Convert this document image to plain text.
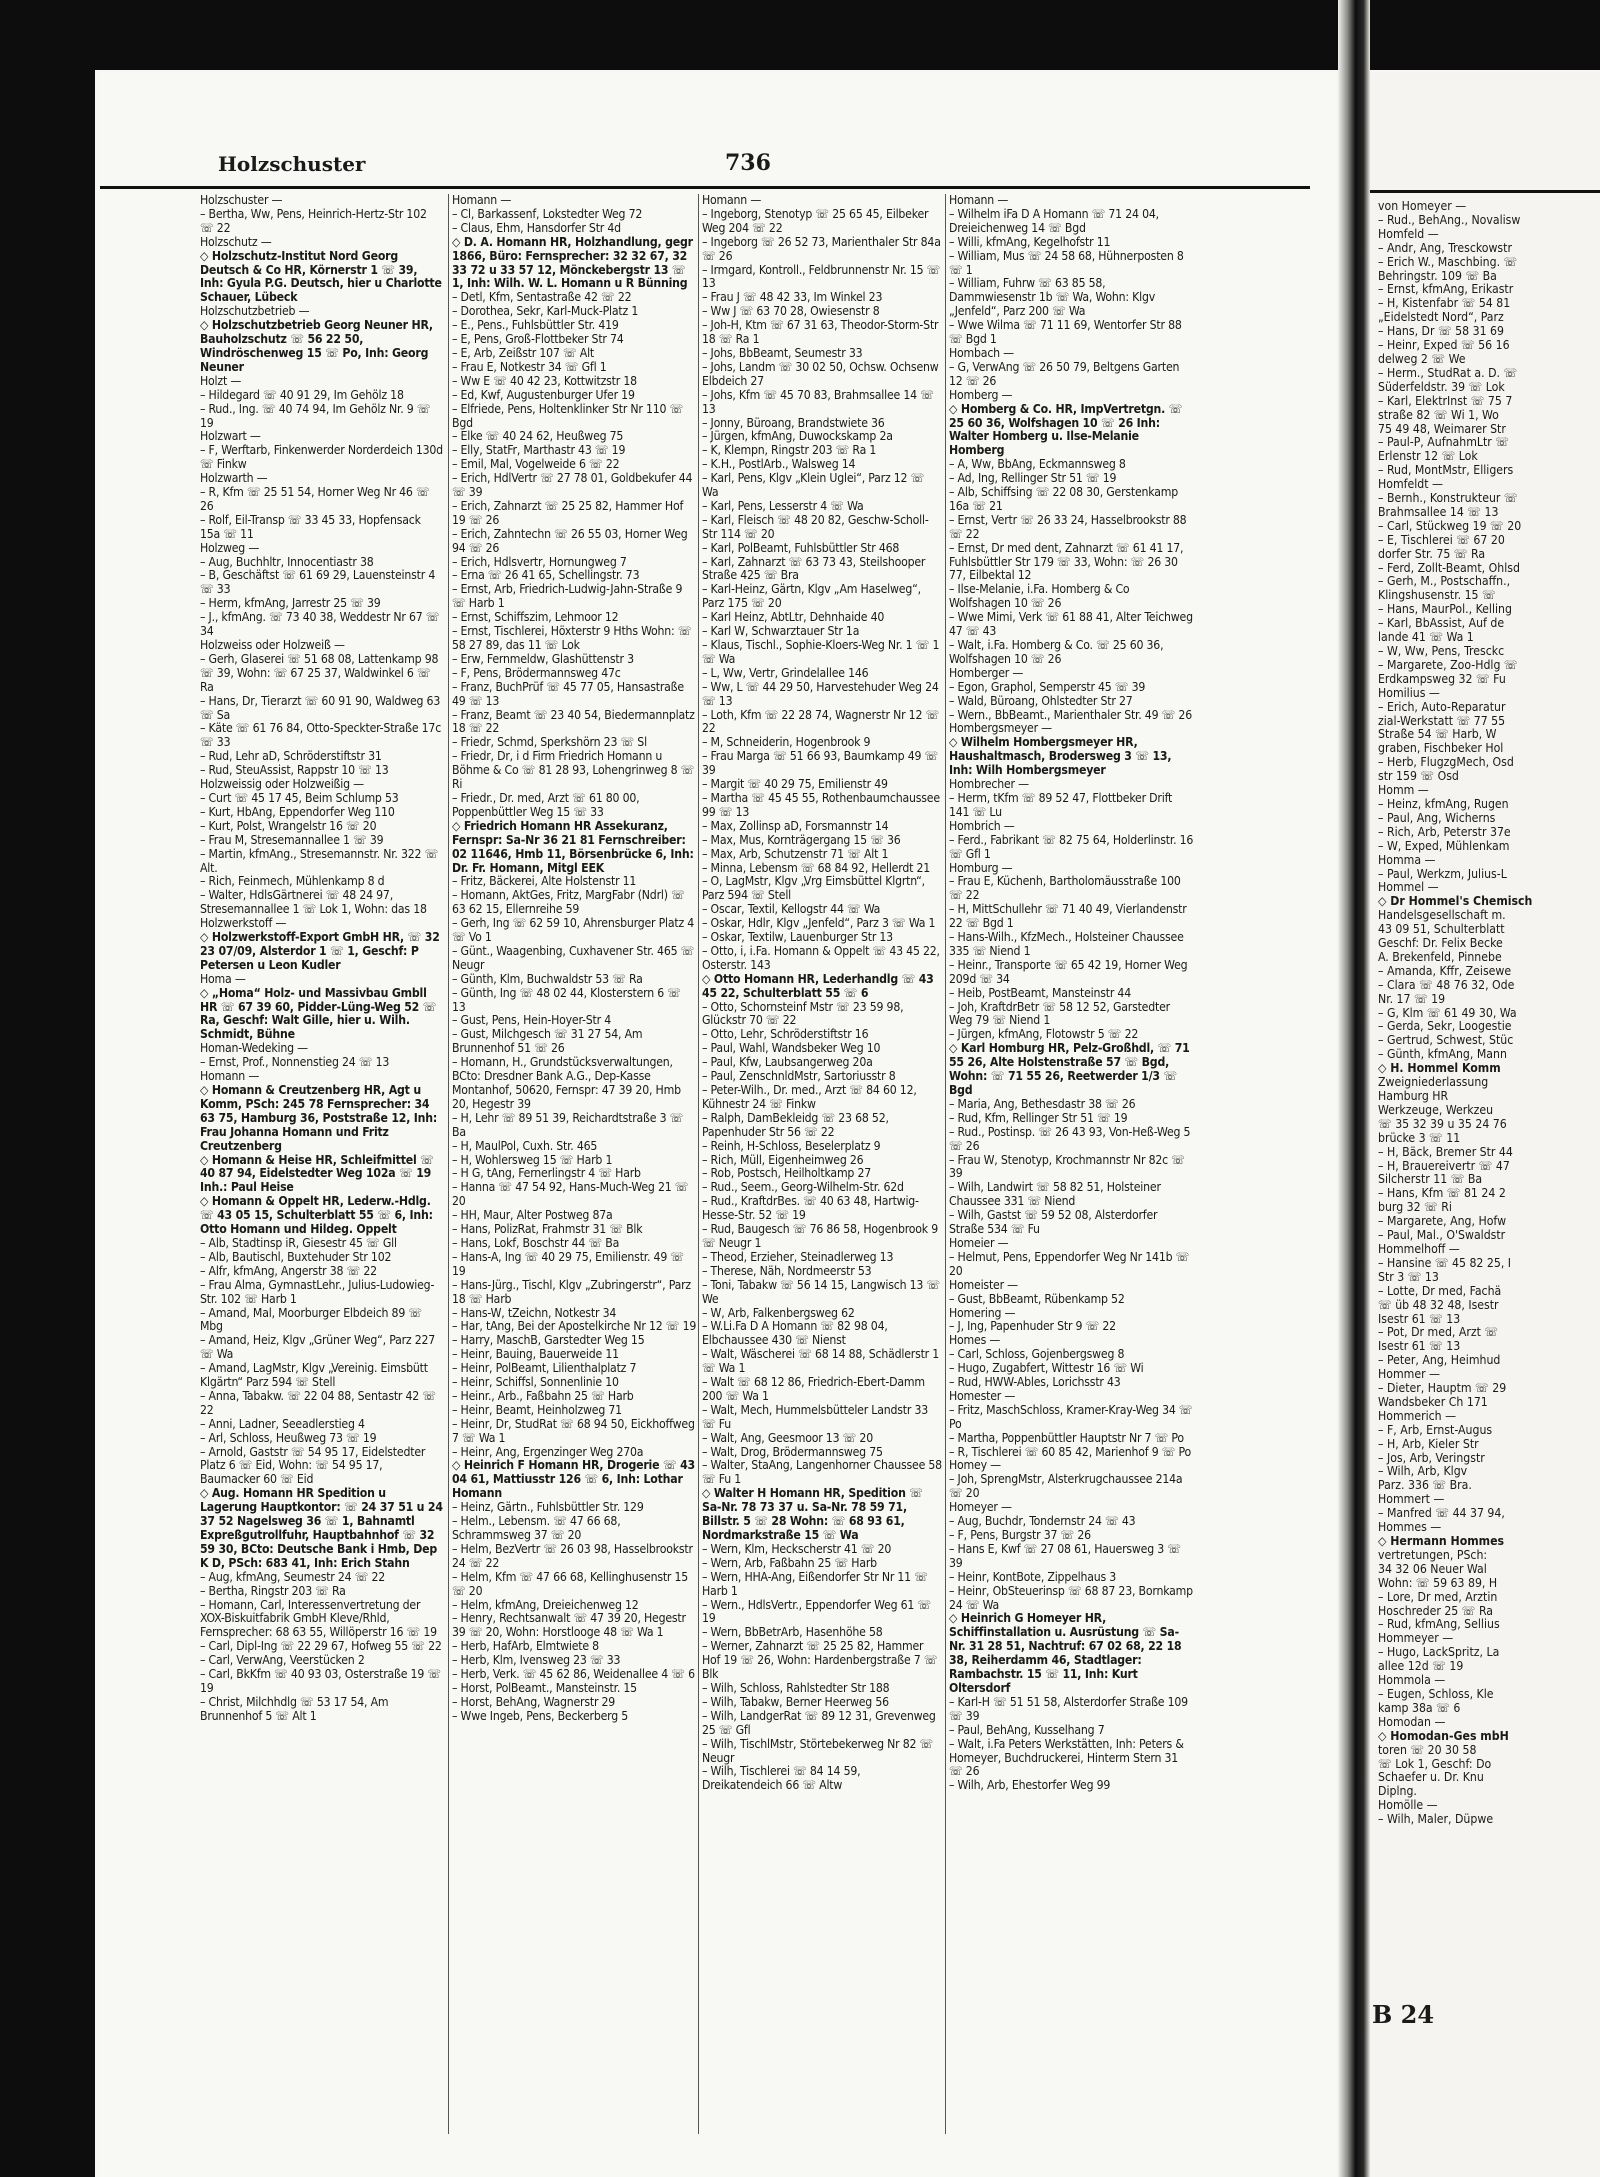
Holzschuster	736

Holzschuster —

– Bertha, Ww, Pens, Heinrich-Hertz-Str 102 ☏ 22

Holzschutz —

◇ Holzschutz-Institut Nord Georg Deutsch & Co HR, Körnerstr 1 ☏ 39, Inh: Gyula P.G. Deutsch, hier u Charlotte Schauer, Lübeck

Holzschutzbetrieb —

◇ Holzschutzbetrieb Georg Neuner HR, Bauholzschutz ☏ 56 22 50, Windröschenweg 15 ☏ Po, Inh: Georg Neuner

Holzt —

– Hildegard ☏ 40 91 29, Im Gehölz 18

– Rud., Ing. ☏ 40 74 94, Im Gehölz Nr. 9 ☏ 19

Holzwart —

– F, Werftarb, Finkenwerder Norderdeich 130d ☏ Finkw

Holzwarth —

– R, Kfm ☏ 25 51 54, Horner Weg Nr 46 ☏ 26

– Rolf, Eil-Transp ☏ 33 45 33, Hopfensack 15a ☏ 11

Holzweg —

– Aug, Buchhltr, Innocentiastr 38

– B, Geschäftst ☏ 61 69 29, Lauensteinstr 4 ☏ 33

– Herm, kfmAng, Jarrestr 25 ☏ 39

– J., kfmAng. ☏ 73 40 38, Weddestr Nr 67 ☏ 34

Holzweiss oder Holzweiß —

– Gerh, Glaserei ☏ 51 68 08, Lattenkamp 98 ☏ 39, Wohn: ☏ 67 25 37, Waldwinkel 6 ☏ Ra

– Hans, Dr, Tierarzt ☏ 60 91 90, Waldweg 63 ☏ Sa

– Käte ☏ 61 76 84, Otto-Speckter-Straße 17c ☏ 33

– Rud, Lehr aD, Schröderstiftstr 31

– Rud, SteuAssist, Rappstr 10 ☏ 13

Holzweissig oder Holzweißig —

– Curt ☏ 45 17 45, Beim Schlump 53

– Kurt, HbAng, Eppendorfer Weg 110

– Kurt, Polst, Wrangelstr 16 ☏ 20

– Frau M, Stresemannallee 1 ☏ 39

– Martin, kfmAng., Stresemannstr. Nr. 322 ☏ Alt.

– Rich, Feinmech, Mühlenkamp 8 d

– Walter, HdlsGärtnerei ☏ 48 24 97, Stresemannallee 1 ☏ Lok 1, Wohn: das 18

Holzwerkstoff —

◇ Holzwerkstoff-Export GmbH HR, ☏ 32 23 07/09, Alsterdor 1 ☏ 1, Geschf: P Petersen u Leon Kudler

Homa —

◇ „Homa“ Holz- und Massivbau Gmbll HR ☏ 67 39 60, Pidder-Lüng-Weg 52 ☏ Ra, Geschf: Walt Gille, hier u. Wilh. Schmidt, Bühne

Homan-Wedeking —

– Ernst, Prof., Nonnenstieg 24 ☏ 13

Homann —

◇ Homann & Creutzenberg HR, Agt u Komm, PSch: 245 78 Fernsprecher: 34 63 75, Hamburg 36, Poststraße 12, Inh: Frau Johanna Homann und Fritz Creutzenberg

◇ Homann & Heise HR, Schleifmittel ☏ 40 87 94, Eidelstedter Weg 102a ☏ 19 Inh.: Paul Heise

◇ Homann & Oppelt HR, Lederw.-Hdlg. ☏ 43 05 15, Schulterblatt 55 ☏ 6, Inh: Otto Homann und Hildeg. Oppelt

– Alb, Stadtinsp iR, Giesestr 45 ☏ Gll

– Alb, Bautischl, Buxtehuder Str 102

– Alfr, kfmAng, Angerstr 38 ☏ 22

– Frau Alma, GymnastLehr., Julius-Ludowieg-Str. 102 ☏ Harb 1

– Amand, Mal, Moorburger Elbdeich 89 ☏ Mbg

– Amand, Heiz, Klgv „Grüner Weg“, Parz 227 ☏ Wa

– Amand, LagMstr, Klgv „Vereinig. Eimsbütt Klgärtn“ Parz 594 ☏ Stell

– Anna, Tabakw. ☏ 22 04 88, Sentastr 42 ☏ 22

– Anni, Ladner, Seeadlerstieg 4

– Arl, Schloss, Heußweg 73 ☏ 19

– Arnold, Gaststr ☏ 54 95 17, Eidelstedter Platz 6 ☏ Eid, Wohn: ☏ 54 95 17, Baumacker 60 ☏ Eid

◇ Aug. Homann HR Spedition u Lagerung Hauptkontor: ☏ 24 37 51 u 24 37 52 Nagelsweg 36 ☏ 1, Bahnamtl Expreßgutrollfuhr, Hauptbahnhof ☏ 32 59 30, BCto: Deutsche Bank i Hmb, Dep K D, PSch: 683 41, Inh: Erich Stahn

– Aug, kfmAng, Seumestr 24 ☏ 22

– Bertha, Ringstr 203 ☏ Ra

– Homann, Carl, Interessenvertretung der XOX-Biskuitfabrik GmbH Kleve/Rhld, Fernsprecher: 68 63 55, Willöperstr 16 ☏ 19

– Carl, Dipl-Ing ☏ 22 29 67, Hofweg 55 ☏ 22

– Carl, VerwAng, Veerstücken 2

– Carl, BkKfm ☏ 40 93 03, Osterstraße 19 ☏ 19

– Christ, Milchhdlg ☏ 53 17 54, Am Brunnenhof 5 ☏ Alt 1

Homann —

– Cl, Barkassenf, Lokstedter Weg 72

– Claus, Ehm, Hansdorfer Str 4d

◇ D. A. Homann HR, Holzhandlung, gegr 1866, Büro: Fernsprecher: 32 32 67, 32 33 72 u 33 57 12, Mönckebergstr 13 ☏ 1, Inh: Wilh. W. L. Homann u R Bünning

– Detl, Kfm, Sentastraße 42 ☏ 22

– Dorothea, Sekr, Karl-Muck-Platz 1

– E., Pens., Fuhlsbüttler Str. 419

– E, Pens, Groß-Flottbeker Str 74

– E, Arb, Zeißstr 107 ☏ Alt

– Frau E, Notkestr 34 ☏ Gfl 1

– Ww E ☏ 40 42 23, Kottwitzstr 18

– Ed, Kwf, Augustenburger Ufer 19

– Elfriede, Pens, Holtenklinker Str Nr 110 ☏ Bgd

– Elke ☏ 40 24 62, Heußweg 75

– Elly, StatFr, Marthastr 43 ☏ 19

– Emil, Mal, Vogelweide 6 ☏ 22

– Erich, HdlVertr ☏ 27 78 01, Goldbekufer 44 ☏ 39

– Erich, Zahnarzt ☏ 25 25 82, Hammer Hof 19 ☏ 26

– Erich, Zahntechn ☏ 26 55 03, Horner Weg 94 ☏ 26

– Erich, Hdlsvertr, Hornungweg 7

– Erna ☏ 26 41 65, Schellingstr. 73

– Ernst, Arb, Friedrich-Ludwig-Jahn-Straße 9 ☏ Harb 1

– Ernst, Schiffszim, Lehmoor 12

– Ernst, Tischlerei, Höxterstr 9 Hths Wohn: ☏ 58 27 89, das 11 ☏ Lok

– Erw, Fernmeldw, Glashüttenstr 3

– F, Pens, Brödermannsweg 47c

– Franz, BuchPrüf ☏ 45 77 05, Hansastraße 49 ☏ 13

– Franz, Beamt ☏ 23 40 54, Biedermannplatz 18 ☏ 22

– Friedr, Schmd, Sperkshörn 23 ☏ Sl

– Friedr, Dr, i d Firm Friedrich Homann u Böhme & Co ☏ 81 28 93, Lohengrinweg 8 ☏ Ri

– Friedr., Dr. med, Arzt ☏ 61 80 00, Poppenbüttler Weg 15 ☏ 33

◇ Friedrich Homann HR Assekuranz, Fernspr: Sa-Nr 36 21 81 Fernschreiber: 02 11646, Hmb 11, Börsenbrücke 6, Inh: Dr. Fr. Homann, Mitgl EEK

– Fritz, Bäckerei, Alte Holstenstr 11

– Homann, AktGes, Fritz, MargFabr (Ndrl) ☏ 63 62 15, Ellernreihe 59

– Gerh, Ing ☏ 62 59 10, Ahrensburger Platz 4 ☏ Vo 1

– Günt., Waagenbing, Cuxhavener Str. 465 ☏ Neugr

– Günth, Klm, Buchwaldstr 53 ☏ Ra

– Günth, Ing ☏ 48 02 44, Klosterstern 6 ☏ 13

– Gust, Pens, Hein-Hoyer-Str 4

– Gust, Milchgesch ☏ 31 27 54, Am Brunnenhof 51 ☏ 26

– Homann, H., Grundstücksverwaltungen, BCto: Dresdner Bank A.G., Dep-Kasse Montanhof, 50620, Fernspr: 47 39 20, Hmb 20, Hegestr 39

– H, Lehr ☏ 89 51 39, Reichardtstraße 3 ☏ Ba

– H, MaulPol, Cuxh. Str. 465

– H, Wohlersweg 15 ☏ Harb 1

– H G, tAng, Fernerlingstr 4 ☏ Harb

– Hanna ☏ 47 54 92, Hans-Much-Weg 21 ☏ 20

– HH, Maur, Alter Postweg 87a

– Hans, PolizRat, Frahmstr 31 ☏ Blk

– Hans, Lokf, Boschstr 44 ☏ Ba

– Hans-A, Ing ☏ 40 29 75, Emilienstr. 49 ☏ 19

– Hans-Jürg., Tischl, Klgv „Zubringerstr“, Parz 18 ☏ Harb

– Hans-W, tZeichn, Notkestr 34

– Har, tAng, Bei der Apostelkirche Nr 12 ☏ 19

– Harry, MaschB, Garstedter Weg 15

– Heinr, Bauing, Bauerweide 11

– Heinr, PolBeamt, Lilienthalplatz 7

– Heinr, Schiffsl, Sonnenlinie 10

– Heinr., Arb., Faßbahn 25 ☏ Harb

– Heinr, Beamt, Heinholzweg 71

– Heinr, Dr, StudRat ☏ 68 94 50, Eickhoffweg 7 ☏ Wa 1

– Heinr, Ang, Ergenzinger Weg 270a

◇ Heinrich F Homann HR, Drogerie ☏ 43 04 61, Mattiusstr 126 ☏ 6, Inh: Lothar Homann

– Heinz, Gärtn., Fuhlsbüttler Str. 129

– Helm., Lebensm. ☏ 47 66 68, Schrammsweg 37 ☏ 20

– Helm, BezVertr ☏ 26 03 98, Hasselbrookstr 24 ☏ 22

– Helm, Kfm ☏ 47 66 68, Kellinghusenstr 15 ☏ 20

– Helm, kfmAng, Dreieichenweg 12

– Henry, Rechtsanwalt ☏ 47 39 20, Hegestr 39 ☏ 20, Wohn: Horstlooge 48 ☏ Wa 1

– Herb, HafArb, Elmtwiete 8

– Herb, Klm, Ivensweg 23 ☏ 33

– Herb, Verk. ☏ 45 62 86, Weidenallee 4 ☏ 6

– Horst, PolBeamt., Mansteinstr. 15

– Horst, BehAng, Wagnerstr 29

– Wwe Ingeb, Pens, Beckerberg 5

Homann —

– Ingeborg, Stenotyp ☏ 25 65 45, Eilbeker Weg 204 ☏ 22

– Ingeborg ☏ 26 52 73, Marienthaler Str 84a ☏ 26

– Irmgard, Kontroll., Feldbrunnenstr Nr. 15 ☏ 13

– Frau J ☏ 48 42 33, Im Winkel 23

– Ww J ☏ 63 70 28, Owiesenstr 8

– Joh-H, Ktm ☏ 67 31 63, Theodor-Storm-Str 18 ☏ Ra 1

– Johs, BbBeamt, Seumestr 33

– Johs, Landm ☏ 30 02 50, Ochsw. Ochsenw Elbdeich 27

– Johs, Kfm ☏ 45 70 83, Brahmsallee 14 ☏ 13

– Jonny, Büroang, Brandstwiete 36

– Jürgen, kfmAng, Duwockskamp 2a

– K, Klempn, Ringstr 203 ☏ Ra 1

– K.H., PostlArb., Walsweg 14

– Karl, Pens, Klgv „Klein Uglei“, Parz 12 ☏ Wa

– Karl, Pens, Lesserstr 4 ☏ Wa

– Karl, Fleisch ☏ 48 20 82, Geschw-Scholl-Str 114 ☏ 20

– Karl, PolBeamt, Fuhlsbüttler Str 468

– Karl, Zahnarzt ☏ 63 73 43, Steilshooper Straße 425 ☏ Bra

– Karl-Heinz, Gärtn, Klgv „Am Haselweg“, Parz 175 ☏ 20

– Karl Heinz, AbtLtr, Dehnhaide 40

– Karl W, Schwarztauer Str 1a

– Klaus, Tischl., Sophie-Kloers-Weg Nr. 1 ☏ 1 ☏ Wa

– L, Ww, Vertr, Grindelallee 146

– Ww, L ☏ 44 29 50, Harvestehuder Weg 24 ☏ 13

– Loth, Kfm ☏ 22 28 74, Wagnerstr Nr 12 ☏ 22

– M, Schneiderin, Hogenbrook 9

– Frau Marga ☏ 51 66 93, Baumkamp 49 ☏ 39

– Margit ☏ 40 29 75, Emilienstr 49

– Martha ☏ 45 45 55, Rothenbaumchaussee 99 ☏ 13

– Max, Zollinsp aD, Forsmannstr 14

– Max, Mus, Kornträgergang 15 ☏ 36

– Max, Arb, Schutzenstr 71 ☏ Alt 1

– Minna, Lebensm ☏ 68 84 92, Hellerdt 21

– O, LagMstr, Klgv „Vrg Eimsbüttel Klgrtn“, Parz 594 ☏ Stell

– Oscar, Textil, Kellogstr 44 ☏ Wa

– Oskar, Hdlr, Klgv „Jenfeld“, Parz 3 ☏ Wa 1

– Oskar, Textilw, Lauenburger Str 13

– Otto, i, i.Fa. Homann & Oppelt ☏ 43 45 22, Osterstr. 143

◇ Otto Homann HR, Lederhandlg ☏ 43 45 22, Schulterblatt 55 ☏ 6

– Otto, Schornsteinf Mstr ☏ 23 59 98, Glückstr 70 ☏ 22

– Otto, Lehr, Schröderstiftstr 16

– Paul, Wahl, Wandsbeker Weg 10

– Paul, Kfw, Laubsangerweg 20a

– Paul, ZenschnldMstr, Sartoriusstr 8

– Peter-Wilh., Dr. med., Arzt ☏ 84 60 12, Kühnestr 24 ☏ Finkw

– Ralph, DamBekleidg ☏ 23 68 52, Papenhuder Str 56 ☏ 22

– Reinh, H-Schloss, Beselerplatz 9

– Rich, Müll, Eigenheimweg 26

– Rob, Postsch, Heilholtkamp 27

– Rud., Seem., Georg-Wilhelm-Str. 62d

– Rud., KraftdrBes. ☏ 40 63 48, Hartwig-Hesse-Str. 52 ☏ 19

– Rud, Baugesch ☏ 76 86 58, Hogenbrook 9 ☏ Neugr 1

– Theod, Erzieher, Steinadlerweg 13

– Therese, Näh, Nordmeerstr 53

– Toni, Tabakw ☏ 56 14 15, Langwisch 13 ☏ We

– W, Arb, Falkenbergsweg 62

– W.Li.Fa D A Homann ☏ 82 98 04, Elbchaussee 430 ☏ Nienst

– Walt, Wäscherei ☏ 68 14 88, Schädlerstr 1 ☏ Wa 1

– Walt ☏ 68 12 86, Friedrich-Ebert-Damm 200 ☏ Wa 1

– Walt, Mech, Hummelsbütteler Landstr 33 ☏ Fu

– Walt, Ang, Geesmoor 13 ☏ 20

– Walt, Drog, Brödermannsweg 75

– Walter, StaAng, Langenhorner Chaussee 58 ☏ Fu 1

◇ Walter H Homann HR, Spedition ☏ Sa-Nr. 78 73 37 u. Sa-Nr. 78 59 71, Billstr. 5 ☏ 28 Wohn: ☏ 68 93 61, Nordmarkstraße 15 ☏ Wa

– Wern, Klm, Heckscherstr 41 ☏ 20

– Wern, Arb, Faßbahn 25 ☏ Harb

– Wern, HHA-Ang, Eißendorfer Str Nr 11 ☏ Harb 1

– Wern., HdlsVertr., Eppendorfer Weg 61 ☏ 19

– Wern, BbBetrArb, Hasenhöhe 58

– Werner, Zahnarzt ☏ 25 25 82, Hammer Hof 19 ☏ 26, Wohn: Hardenbergstraße 7 ☏ Blk

– Wilh, Schloss, Rahlstedter Str 188

– Wilh, Tabakw, Berner Heerweg 56

– Wilh, LandgerRat ☏ 89 12 31, Grevenweg 25 ☏ Gfl

– Wilh, TischlMstr, Störtebekerweg Nr 82 ☏ Neugr

– Wilh, Tischlerei ☏ 84 14 59, Dreikatendeich 66 ☏ Altw

Homann —

– Wilhelm iFa D A Homann ☏ 71 24 04, Dreieichenweg 14 ☏ Bgd

– Willi, kfmAng, Kegelhofstr 11

– William, Mus ☏ 24 58 68, Hühnerposten 8 ☏ 1

– William, Fuhrw ☏ 63 85 58, Dammwiesenstr 1b ☏ Wa, Wohn: Klgv „Jenfeld“, Parz 200 ☏ Wa

– Wwe Wilma ☏ 71 11 69, Wentorfer Str 88 ☏ Bgd 1

Hombach —

– G, VerwAng ☏ 26 50 79, Beltgens Garten 12 ☏ 26

Homberg —

◇ Homberg & Co. HR, ImpVertretgn. ☏ 25 60 36, Wolfshagen 10 ☏ 26 Inh: Walter Homberg u. Ilse-Melanie Homberg

– A, Ww, BbAng, Eckmannsweg 8

– Ad, Ing, Rellinger Str 51 ☏ 19

– Alb, Schiffsing ☏ 22 08 30, Gerstenkamp 16a ☏ 21

– Ernst, Vertr ☏ 26 33 24, Hasselbrookstr 88 ☏ 22

– Ernst, Dr med dent, Zahnarzt ☏ 61 41 17, Fuhlsbüttler Str 179 ☏ 33, Wohn: ☏ 26 30 77, Eilbektal 12

– Ilse-Melanie, i.Fa. Homberg & Co Wolfshagen 10 ☏ 26

– Wwe Mimi, Verk ☏ 61 88 41, Alter Teichweg 47 ☏ 43

– Walt, i.Fa. Homberg & Co. ☏ 25 60 36, Wolfshagen 10 ☏ 26

Homberger —

– Egon, Graphol, Semperstr 45 ☏ 39

– Wald, Büroang, Ohlstedter Str 27

– Wern., BbBeamt., Marienthaler Str. 49 ☏ 26

Hombergsmeyer —

◇ Wilhelm Hombergsmeyer HR, Haushaltmasch, Brodersweg 3 ☏ 13, Inh: Wilh Hombergsmeyer

Hombrecher —

– Herm, tKfm ☏ 89 52 47, Flottbeker Drift 141 ☏ Lu

Hombrich —

– Ferd., Fabrikant ☏ 82 75 64, Holderlinstr. 16 ☏ Gfl 1

Homburg —

– Frau E, Küchenh, Bartholomäusstraße 100 ☏ 22

– H, MittSchullehr ☏ 71 40 49, Vierlandenstr 22 ☏ Bgd 1

– Hans-Wilh., KfzMech., Holsteiner Chaussee 335 ☏ Niend 1

– Heinr., Transporte ☏ 65 42 19, Horner Weg 209d ☏ 34

– Heib, PostBeamt, Mansteinstr 44

– Joh, KraftdrBetr ☏ 58 12 52, Garstedter Weg 79 ☏ Niend 1

– Jürgen, kfmAng, Flotowstr 5 ☏ 22

◇ Karl Homburg HR, Pelz-Großhdl, ☏ 71 55 26, Alte Holstenstraße 57 ☏ Bgd, Wohn: ☏ 71 55 26, Reetwerder 1/3 ☏ Bgd

– Maria, Ang, Bethesdastr 38 ☏ 26

– Rud, Kfm, Rellinger Str 51 ☏ 19

– Rud., Postinsp. ☏ 26 43 93, Von-Heß-Weg 5 ☏ 26

– Frau W, Stenotyp, Krochmannstr Nr 82c ☏ 39

– Wilh, Landwirt ☏ 58 82 51, Holsteiner Chaussee 331 ☏ Niend

– Wilh, Gastst ☏ 59 52 08, Alsterdorfer Straße 534 ☏ Fu

Homeier —

– Helmut, Pens, Eppendorfer Weg Nr 141b ☏ 20

Homeister —

– Gust, BbBeamt, Rübenkamp 52

Homering —

– J, Ing, Papenhuder Str 9 ☏ 22

Homes —

– Carl, Schloss, Gojenbergsweg 8

– Hugo, Zugabfert, Wittestr 16 ☏ Wi

– Rud, HWW-Ables, Lorichsstr 43

Homester —

– Fritz, MaschSchloss, Kramer-Kray-Weg 34 ☏ Po

– Martha, Poppenbüttler Hauptstr Nr 7 ☏ Po

– R, Tischlerei ☏ 60 85 42, Marienhof 9 ☏ Po

Homey —

– Joh, SprengMstr, Alsterkrugchaussee 214a ☏ 20

Homeyer —

– Aug, Buchdr, Tondernstr 24 ☏ 43

– F, Pens, Burgstr 37 ☏ 26

– Hans E, Kwf ☏ 27 08 61, Hauersweg 3 ☏ 39

– Heinr, KontBote, Zippelhaus 3

– Heinr, ObSteuerinsp ☏ 68 87 23, Bornkamp 24 ☏ Wa

◇ Heinrich G Homeyer HR, Schiffinstallation u. Ausrüstung ☏ Sa-Nr. 31 28 51, Nachtruf: 67 02 68, 22 18 38, Reiherdamm 46, Stadtlager: Rambachstr. 15 ☏ 11, Inh: Kurt Oltersdorf

– Karl-H ☏ 51 51 58, Alsterdorfer Straße 109 ☏ 39

– Paul, BehAng, Kusselhang 7

– Walt, i.Fa Peters Werkstätten, Inh: Peters & Homeyer, Buchdruckerei, Hinterm Stern 31 ☏ 26

– Wilh, Arb, Ehestorfer Weg 99

von Homeyer —

– Rud., BehAng., Novalisw

Homfeld —

– Andr, Ang, Tresckowstr

– Erich W., Maschbing. ☏

Behringstr. 109 ☏ Ba

– Ernst, kfmAng, Erikastr

– H, Kistenfabr ☏ 54 81

„Eidelstedt Nord“, Parz

– Hans, Dr ☏ 58 31 69

– Heinr, Exped ☏ 56 16

delweg 2 ☏ We

– Herm., StudRat a. D. ☏

Süderfeldstr. 39 ☏ Lok

– Karl, ElektrInst ☏ 75 7

straße 82 ☏ Wi 1, Wo

75 49 48, Weimarer Str

– Paul-P, AufnahmLtr ☏

Erlenstr 12 ☏ Lok

– Rud, MontMstr, Elligers

Homfeldt —

– Bernh., Konstrukteur ☏

Brahmsallee 14 ☏ 13

– Carl, Stückweg 19 ☏ 20

– E, Tischlerei ☏ 67 20

dorfer Str. 75 ☏ Ra

– Ferd, Zollt-Beamt, Ohlsd

– Gerh, M., Postschaffn.,

Klingshusenstr. 15 ☏

– Hans, MaurPol., Kelling

– Karl, BbAssist, Auf de

lande 41 ☏ Wa 1

– W, Ww, Pens, Tresckc

– Margarete, Zoo-Hdlg ☏

Erdkampsweg 32 ☏ Fu

Homilius —

– Erich, Auto-Reparatur

zial-Werkstatt ☏ 77 55

Straße 54 ☏ Harb, W

graben, Fischbeker Hol

– Herb, FlugzgMech, Osd

str 159 ☏ Osd

Homm —

– Heinz, kfmAng, Rugen

– Paul, Ang, Wicherns

– Rich, Arb, Peterstr 37e

– W, Exped, Mühlenkam

Homma —

– Paul, Werkzm, Julius-L

Hommel —

◇ Dr Hommel's Chemisch

Handelsgesellschaft m.

43 09 51, Schulterblatt

Geschf: Dr. Felix Becke

A. Brekenfeld, Pinnebe

– Amanda, Kffr, Zeisewe

– Clara ☏ 48 76 32, Ode

Nr. 17 ☏ 19

– G, Klm ☏ 61 49 30, Wa

– Gerda, Sekr, Loogestie

– Gertrud, Schwest, Stüc

– Günth, kfmAng, Mann

◇ H. Hommel Komm

Zweigniederlassung

Hamburg HR

Werkzeuge, Werkzeu

☏ 35 32 39 u 35 24 76

brücke 3 ☏ 11

– H, Bäck, Bremer Str 44

– H, Brauereivertr ☏ 47

Silcherstr 11 ☏ Ba

– Hans, Kfm ☏ 81 24 2

burg 32 ☏ Ri

– Margarete, Ang, Hofw

– Paul, Mal., O'Swaldstr

Hommelhoff —

– Hansine ☏ 45 82 25, I

Str 3 ☏ 13

– Lotte, Dr med, Fachä

☏ üb 48 32 48, Isestr

Isestr 61 ☏ 13

– Pot, Dr med, Arzt ☏

Isestr 61 ☏ 13

– Peter, Ang, Heimhud

Hommer —

– Dieter, Hauptm ☏ 29

Wandsbeker Ch 171

Hommerich —

– F, Arb, Ernst-Augus

– H, Arb, Kieler Str

– Jos, Arb, Veringstr

– Wilh, Arb, Klgv

Parz. 336 ☏ Bra.

Hommert —

– Manfred ☏ 44 37 94,

Hommes —

◇ Hermann Hommes

vertretungen, PSch:

34 32 06 Neuer Wal

Wohn: ☏ 59 63 89, H

– Lore, Dr med, Arztin

Hoschreder 25 ☏ Ra

– Rud, kfmAng, Sellius

Hommeyer —

– Hugo, LackSpritz, La

allee 12d ☏ 19

Hommola —

– Eugen, Schloss, Kle

kamp 38a ☏ 6

Homodan —

◇ Homodan-Ges mbH

toren ☏ 20 30 58

☏ Lok 1, Geschf: Do

Schaefer u. Dr. Knu

Diplng.

Homölle —

– Wilh, Maler, Düpwe

B 24
